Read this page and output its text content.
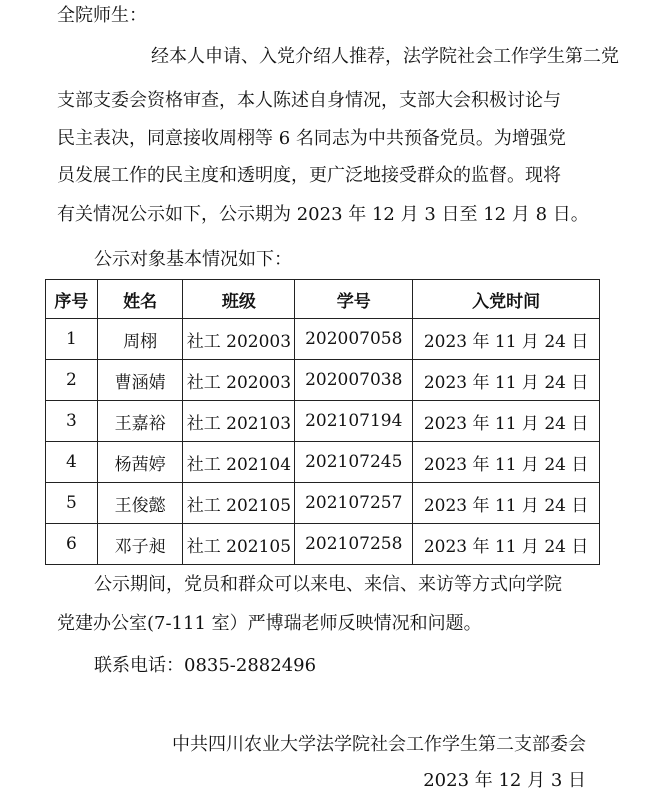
全院师生：
经本人申请、入党介绍人推荐，法学院社会工作学生第二党
支部支委会资格审查，本人陈述自身情况，支部大会积极讨论与
民主表决，同意接收周栩等 6 名同志为中共预备党员。为增强党
员发展工作的民主度和透明度，更广泛地接受群众的监督。现将
有关情况公示如下，公示期为 2023 年 12 月 3 日至 12 月 8 日。
公示对象基本情况如下：
序号	姓名	班级	学号	入党时间
1	周栩	社工 202003	202007058	2023 年 11 月 24 日
2	曹涵婧	社工 202003	202007038	2023 年 11 月 24 日
3	王嘉裕	社工 202103	202107194	2023 年 11 月 24 日
4	杨茜婷	社工 202104	202107245	2023 年 11 月 24 日
5	王俊懿	社工 202105	202107257	2023 年 11 月 24 日
6	邓子昶	社工 202105	202107258	2023 年 11 月 24 日
公示期间，党员和群众可以来电、来信、来访等方式向学院
党建办公室(7-111 室）严博瑞老师反映情况和问题。
联系电话：0835-2882496
中共四川农业大学法学院社会工作学生第二支部委会
2023 年 12 月 3 日
